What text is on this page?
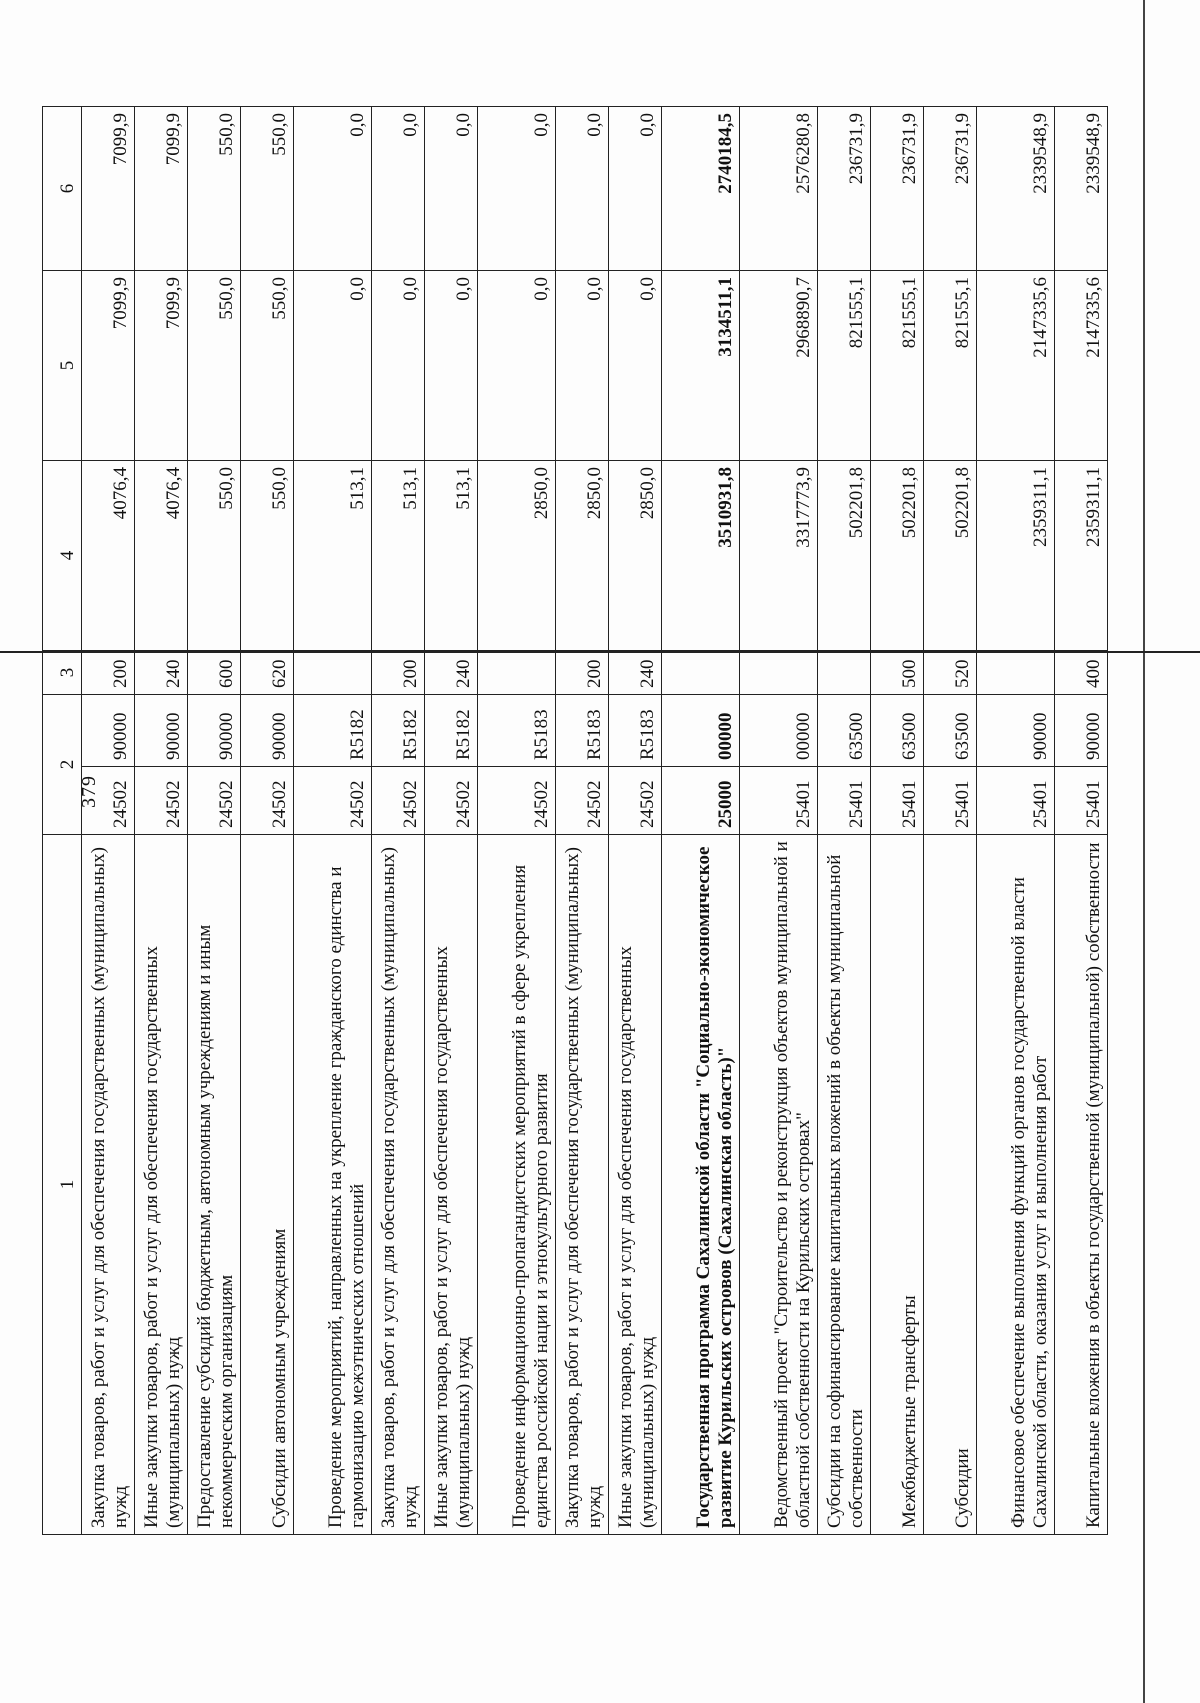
379
1	2		3	4	5	6
Закупка товаров, работ и услуг для обеспечения государственных (муниципальных) нужд	24502	90000	200	4076,4	7099,9	7099,9
Иные закупки товаров, работ и услуг для обеспечения государственных (муниципальных) нужд	24502	90000	240	4076,4	7099,9	7099,9
Предоставление субсидий бюджетным, автономным учреждениям и иным некоммерческим организациям	24502	90000	600	550,0	550,0	550,0
Субсидии автономным учреждениям	24502	90000	620	550,0	550,0	550,0
Проведение мероприятий, направленных на укрепление гражданского единства и гармонизацию межэтнических отношений	24502	R5182		513,1	0,0	0,0
Закупка товаров, работ и услуг для обеспечения государственных (муниципальных) нужд	24502	R5182	200	513,1	0,0	0,0
Иные закупки товаров, работ и услуг для обеспечения государственных (муниципальных) нужд	24502	R5182	240	513,1	0,0	0,0
Проведение информационно-пропагандистских мероприятий в сфере укрепления единства российской нации и этнокультурного развития	24502	R5183		2850,0	0,0	0,0
Закупка товаров, работ и услуг для обеспечения государственных (муниципальных) нужд	24502	R5183	200	2850,0	0,0	0,0
Иные закупки товаров, работ и услуг для обеспечения государственных (муниципальных) нужд	24502	R5183	240	2850,0	0,0	0,0
Государственная программа Сахалинской области "Социально-экономическое развитие Курильских островов (Сахалинская область)"	25000	00000		3510931,8	3134511,1	2740184,5
Ведомственный проект "Строительство и реконструкция объектов муниципальной и областной собственности на Курильских островах"	25401	00000		3317773,9	2968890,7	2576280,8
Субсидии на софинансирование капитальных вложений в объекты муниципальной собственности	25401	63500		502201,8	821555,1	236731,9
Межбюджетные трансферты	25401	63500	500	502201,8	821555,1	236731,9
Субсидии	25401	63500	520	502201,8	821555,1	236731,9
Финансовое обеспечение выполнения функций органов государственной власти Сахалинской области, оказания услуг и выполнения работ	25401	90000		2359311,1	2147335,6	2339548,9
Капитальные вложения в объекты государственной (муниципальной) собственности	25401	90000	400	2359311,1	2147335,6	2339548,9
